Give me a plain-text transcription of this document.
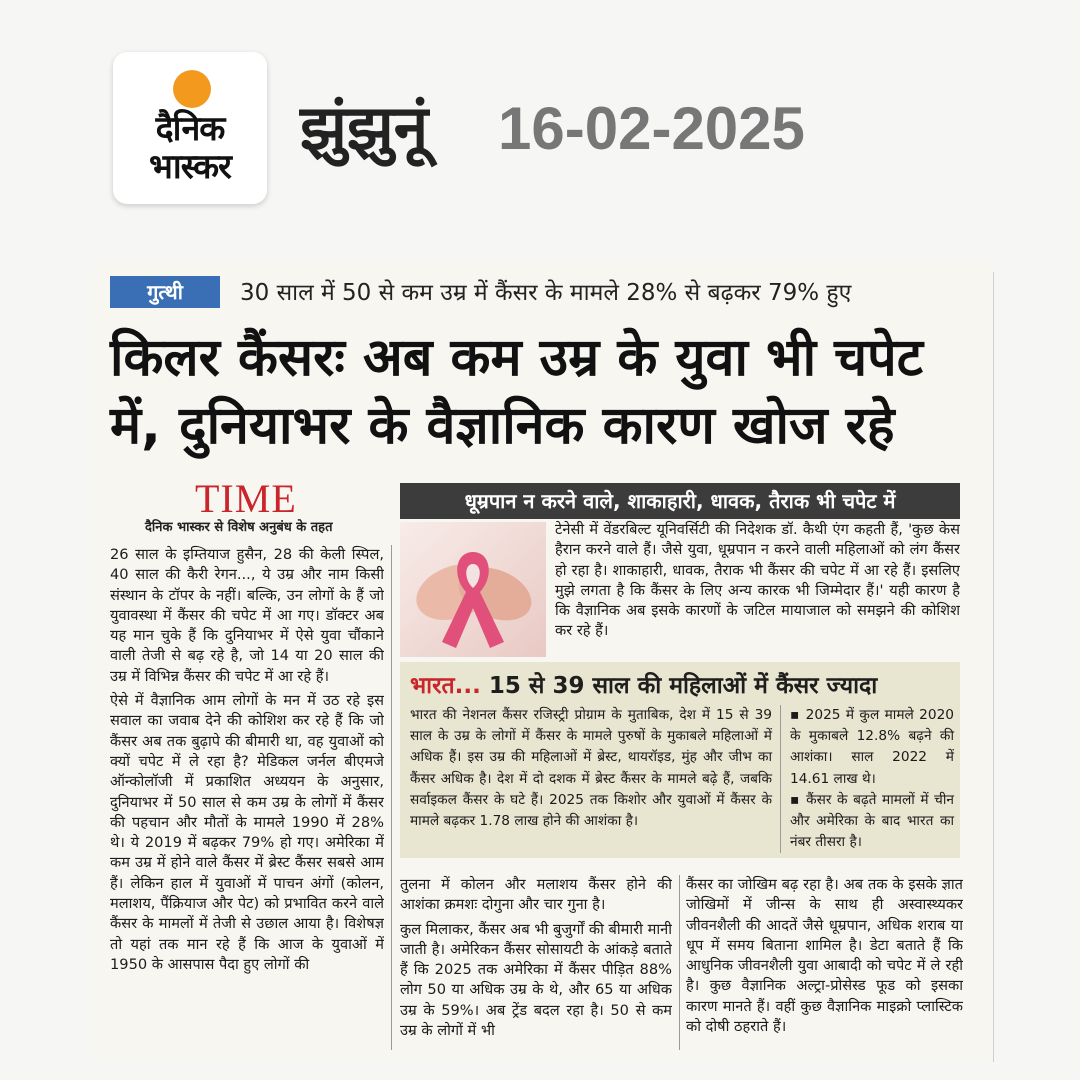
दैनिक
भास्कर
झुंझुनूं 16-02-2025
गुत्थी	30 साल में 50 से कम उम्र में कैंसर के मामले 28% से बढ़कर 79% हुए
किलर कैंसरः अब कम उम्र के युवा भी चपेट में, दुनियाभर के वैज्ञानिक कारण खोज रहे
TIME
दैनिक भास्कर से विशेष अनुबंध के तहत

26 साल के इम्तियाज हुसैन, 28 की केली स्पिल, 40 साल की कैरी रेगन..., ये उम्र और नाम किसी संस्थान के टॉपर के नहीं। बल्कि, उन लोगों के हैं जो युवावस्था में कैंसर की चपेट में आ गए। डॉक्टर अब यह मान चुके हैं कि दुनियाभर में ऐसे युवा चौंकाने वाली तेजी से बढ़ रहे है, जो 14 या 20 साल की उम्र में विभिन्न कैंसर की चपेट में आ रहे हैं।

ऐसे में वैज्ञानिक आम लोगों के मन में उठ रहे इस सवाल का जवाब देने की कोशिश कर रहे हैं कि जो कैंसर अब तक बुढ़ापे की बीमारी था, वह युवाओं को क्यों चपेट में ले रहा है? मेडिकल जर्नल बीएमजे ऑन्कोलॉजी में प्रकाशित अध्ययन के अनुसार, दुनियाभर में 50 साल से कम उम्र के लोगों में कैंसर की पहचान और मौतों के मामले 1990 में 28% थे। ये 2019 में बढ़कर 79% हो गए। अमेरिका में कम उम्र में होने वाले कैंसर में ब्रेस्ट कैंसर सबसे आम हैं। लेकिन हाल में युवाओं में पाचन अंगों (कोलन, मलाशय, पैंक्रियाज और पेट) को प्रभावित करने वाले कैंसर के मामलों में तेजी से उछाल आया है। विशेषज्ञ तो यहां तक मान रहे हैं कि आज के युवाओं में 1950 के आसपास पैदा हुए लोगों की

धूम्रपान न करने वाले, शाकाहारी, धावक, तैराक भी चपेट में

टेनेसी में वेंडरबिल्ट यूनिवर्सिटी की निदेशक डॉ. कैथी एंग कहती हैं, 'कुछ केस हैरान करने वाले हैं। जैसे युवा, धूम्रपान न करने वाली महिलाओं को लंग कैंसर हो रहा है। शाकाहारी, धावक, तैराक भी कैंसर की चपेट में आ रहे हैं। इसलिए मुझे लगता है कि कैंसर के लिए अन्य कारक भी जिम्मेदार हैं।' यही कारण है कि वैज्ञानिक अब इसके कारणों के जटिल मायाजाल को समझने की कोशिश कर रहे हैं।

भारत... 15 से 39 साल की महिलाओं में कैंसर ज्यादा
भारत की नेशनल कैंसर रजिस्ट्री प्रोग्राम के मुताबिक, देश में 15 से 39 साल के उम्र के लोगों में कैंसर के मामले पुरुषों के मुकाबले महिलाओं में अधिक हैं। इस उम्र की महिलाओं में ब्रेस्ट, थायरॉइड, मुंह और जीभ का कैंसर अधिक है। देश में दो दशक में ब्रेस्ट कैंसर के मामले बढ़े हैं, जबकि सर्वाइकल कैंसर के घटे हैं। 2025 तक किशोर और युवाओं में कैंसर के मामले बढ़कर 1.78 लाख होने की आशंका है।

▪ 2025 में कुल मामले 2020 के मुकाबले 12.8% बढ़ने की आशंका। साल 2022 में 14.61 लाख थे।

▪ कैंसर के बढ़ते मामलों में चीन और अमेरिका के बाद भारत का नंबर तीसरा है।

तुलना में कोलन और मलाशय कैंसर होने की आशंका क्रमशः दोगुना और चार गुना है।

कुल मिलाकर, कैंसर अब भी बुजुर्गों की बीमारी मानी जाती है। अमेरिकन कैंसर सोसायटी के आंकड़े बताते हैं कि 2025 तक अमेरिका में कैंसर पीड़ित 88% लोग 50 या अधिक उम्र के थे, और 65 या अधिक उम्र के 59%। अब ट्रेंड बदल रहा है। 50 से कम उम्र के लोगों में भी

कैंसर का जोखिम बढ़ रहा है। अब तक के इसके ज्ञात जोखिमों में जीन्स के साथ ही अस्वास्थ्यकर जीवनशैली की आदतें जैसे धूम्रपान, अधिक शराब या धूप में समय बिताना शामिल है। डेटा बताते हैं कि आधुनिक जीवनशैली युवा आबादी को चपेट में ले रही है। कुछ वैज्ञानिक अल्ट्रा-प्रोसेस्ड फूड को इसका कारण मानते हैं। वहीं कुछ वैज्ञानिक माइक्रो प्लास्टिक को दोषी ठहराते हैं।
